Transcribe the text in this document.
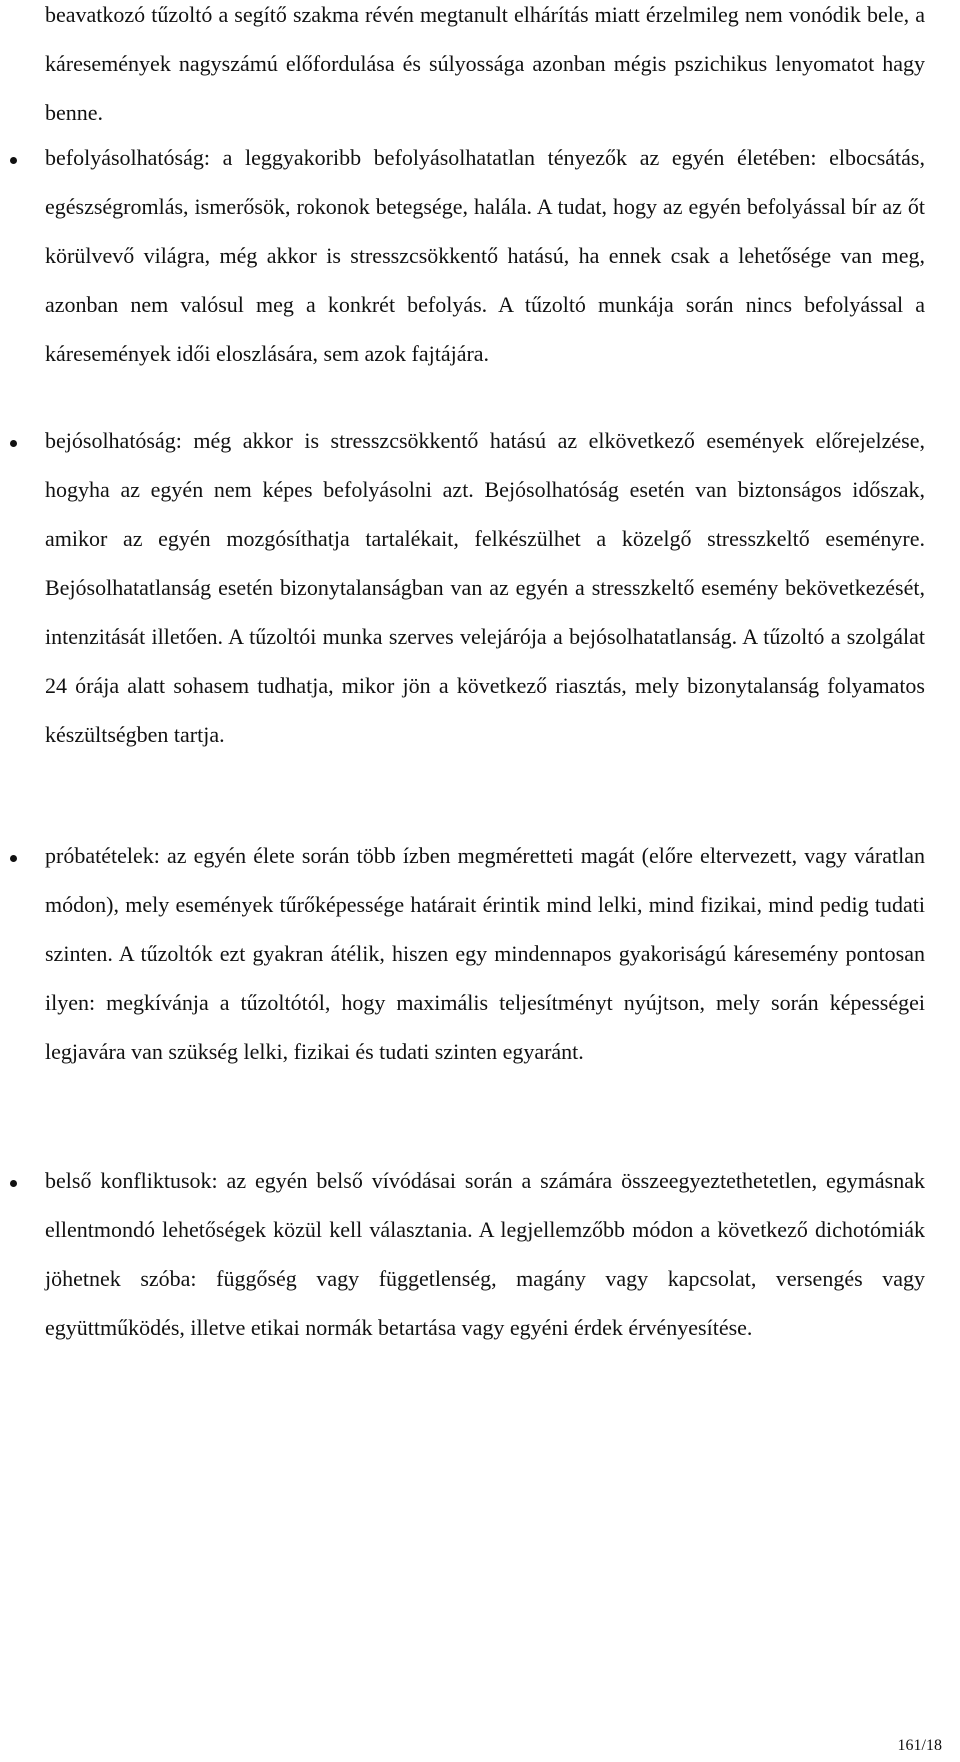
beavatkozó tűzoltó a segítő szakma révén megtanult elhárítás miatt érzelmileg nem vonódik bele, a káresemények nagyszámú előfordulása és súlyossága azonban mégis pszichikus lenyomatot hagy benne.

befolyásolhatóság: a leggyakoribb befolyásolhatatlan tényezők az egyén életében: elbocsátás, egészségromlás, ismerősök, rokonok betegsége, halála. A tudat, hogy az egyén befolyással bír az őt körülvevő világra, még akkor is stresszcsökkentő hatású, ha ennek csak a lehetősége van meg, azonban nem valósul meg a konkrét befolyás. A tűzoltó munkája során nincs befolyással a káresemények idői eloszlására, sem azok fajtájára.

bejósolhatóság: még akkor is stresszcsökkentő hatású az elkövetkező események előrejelzése, hogyha az egyén nem képes befolyásolni azt. Bejósolhatóság esetén van biztonságos időszak, amikor az egyén mozgósíthatja tartalékait, felkészülhet a közelgő stresszkeltő eseményre. Bejósolhatatlanság esetén bizonytalanságban van az egyén a stresszkeltő esemény bekövetkezését, intenzitását illetően. A tűzoltói munka szerves velejárója a bejósolhatatlanság. A tűzoltó a szolgálat 24 órája alatt sohasem tudhatja, mikor jön a következő riasztás, mely bizonytalanság folyamatos készültségben tartja.

próbatételek: az egyén élete során több ízben megméretteti magát (előre eltervezett, vagy váratlan módon), mely események tűrőképessége határait érintik mind lelki, mind fizikai, mind pedig tudati szinten. A tűzoltók ezt gyakran átélik, hiszen egy mindennapos gyakoriságú káresemény pontosan ilyen: megkívánja a tűzoltótól, hogy maximális teljesítményt nyújtson, mely során képességei legjavára van szükség lelki, fizikai és tudati szinten egyaránt.

belső konfliktusok: az egyén belső vívódásai során a számára összeegyeztethetetlen, egymásnak ellentmondó lehetőségek közül kell választania. A legjellemzőbb módon a következő dichotómiák jöhetnek szóba: függőség vagy függetlenség, magány vagy kapcsolat, versengés vagy együttműködés, illetve etikai normák betartása vagy egyéni érdek érvényesítése.

161/18
